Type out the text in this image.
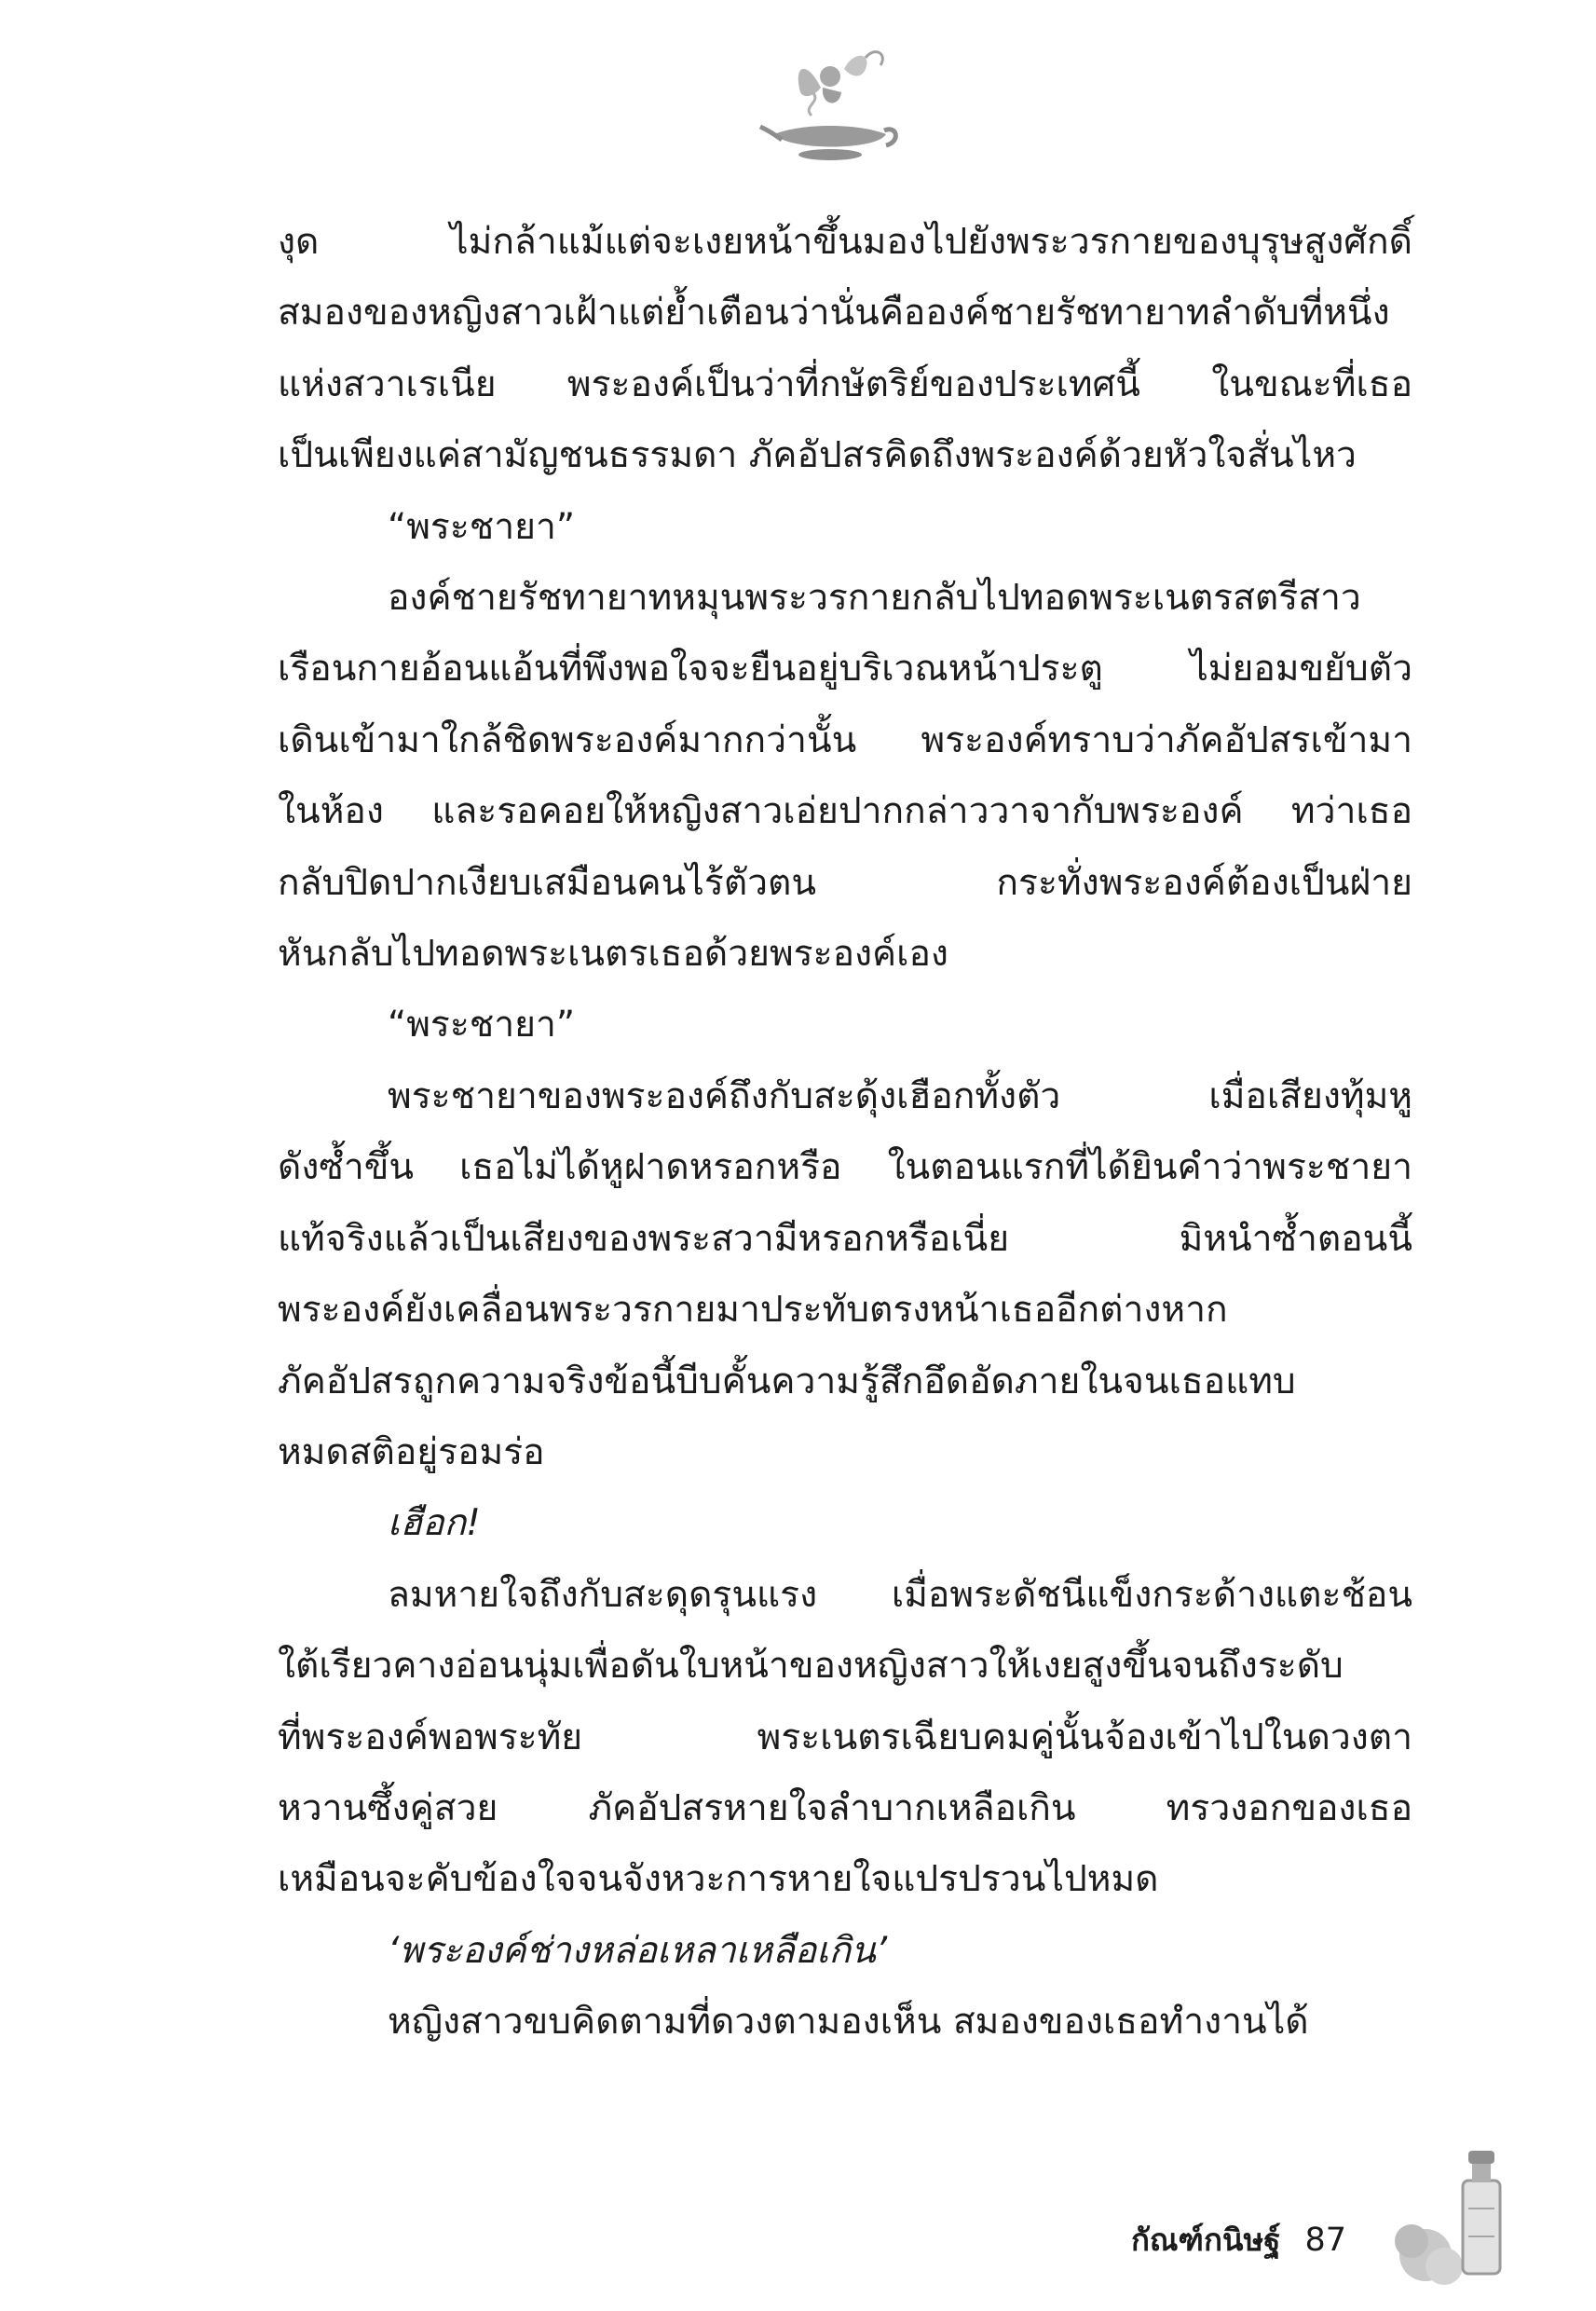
งุด ไม่กล้าแม้แต่จะเงยหน้าขึ้นมองไปยังพระวรกายของบุรุษสูงศักดิ์
สมองของหญิงสาวเฝ้าแต่ย้ำเตือนว่านั่นคือองค์ชายรัชทายาทลำดับที่หนึ่ง
แห่งสวาเรเนีย พระองค์เป็นว่าที่กษัตริย์ของประเทศนี้ ในขณะที่เธอ
เป็นเพียงแค่สามัญชนธรรมดา ภัคอัปสรคิดถึงพระองค์ด้วยหัวใจสั่นไหว
“พระชายา”
องค์ชายรัชทายาทหมุนพระวรกายกลับไปทอดพระเนตรสตรีสาว
เรือนกายอ้อนแอ้นที่พึงพอใจจะยืนอยู่บริเวณหน้าประตู ไม่ยอมขยับตัว
เดินเข้ามาใกล้ชิดพระองค์มากกว่านั้น พระองค์ทราบว่าภัคอัปสรเข้ามา
ในห้อง และรอคอยให้หญิงสาวเอ่ยปากกล่าววาจากับพระองค์ ทว่าเธอ
กลับปิดปากเงียบเสมือนคนไร้ตัวตน กระทั่งพระองค์ต้องเป็นฝ่าย
หันกลับไปทอดพระเนตรเธอด้วยพระองค์เอง
“พระชายา”
พระชายาของพระองค์ถึงกับสะดุ้งเฮือกทั้งตัว เมื่อเสียงทุ้มหู
ดังซ้ำขึ้น เธอไม่ได้หูฝาดหรอกหรือ ในตอนแรกที่ได้ยินคำว่าพระชายา
แท้จริงแล้วเป็นเสียงของพระสวามีหรอกหรือเนี่ย มิหนำซ้ำตอนนี้
พระองค์ยังเคลื่อนพระวรกายมาประทับตรงหน้าเธออีกต่างหาก
ภัคอัปสรถูกความจริงข้อนี้บีบคั้นความรู้สึกอึดอัดภายในจนเธอแทบ
หมดสติอยู่รอมร่อ
เฮือก!
ลมหายใจถึงกับสะดุดรุนแรง เมื่อพระดัชนีแข็งกระด้างแตะช้อน
ใต้เรียวคางอ่อนนุ่มเพื่อดันใบหน้าของหญิงสาวให้เงยสูงขึ้นจนถึงระดับ
ที่พระองค์พอพระทัย พระเนตรเฉียบคมคู่นั้นจ้องเข้าไปในดวงตา
หวานซึ้งคู่สวย ภัคอัปสรหายใจลำบากเหลือเกิน ทรวงอกของเธอ
เหมือนจะคับข้องใจจนจังหวะการหายใจแปรปรวนไปหมด
‘พระองค์ช่างหล่อเหลาเหลือเกิน’
หญิงสาวขบคิดตามที่ดวงตามองเห็น สมองของเธอทำงานได้
กัณฑ์กนิษฐ์ 87
